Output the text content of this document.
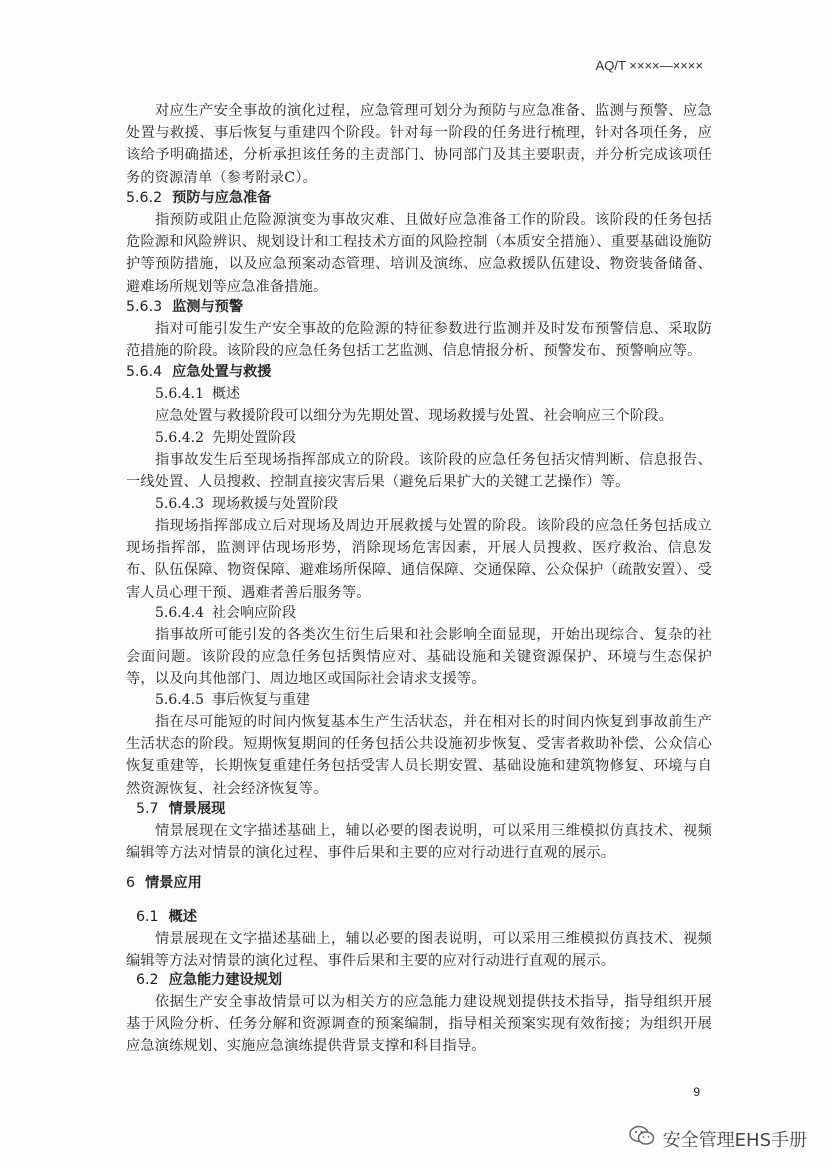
AQ/T ××××—××××

对应生产安全事故的演化过程，应急管理可划分为预防与应急准备、监测与预警、应急处置与救援、事后恢复与重建四个阶段。针对每一阶段的任务进行梳理，针对各项任务，应该给予明确描述，分析承担该任务的主责部门、协同部门及其主要职责，并分析完成该项任务的资源清单（参考附录C）。

5.6.2 预防与应急准备

指预防或阻止危险源演变为事故灾难、且做好应急准备工作的阶段。该阶段的任务包括危险源和风险辨识、规划设计和工程技术方面的风险控制（本质安全措施）、重要基础设施防护等预防措施，以及应急预案动态管理、培训及演练、应急救援队伍建设、物资装备储备、避难场所规划等应急准备措施。

5.6.3 监测与预警

指对可能引发生产安全事故的危险源的特征参数进行监测并及时发布预警信息、采取防范措施的阶段。该阶段的应急任务包括工艺监测、信息情报分析、预警发布、预警响应等。

5.6.4 应急处置与救援
5.6.4.1 概述

应急处置与救援阶段可以细分为先期处置、现场救援与处置、社会响应三个阶段。

5.6.4.2 先期处置阶段

指事故发生后至现场指挥部成立的阶段。该阶段的应急任务包括灾情判断、信息报告、一线处置、人员搜救、控制直接灾害后果（避免后果扩大的关键工艺操作）等。

5.6.4.3 现场救援与处置阶段

指现场指挥部成立后对现场及周边开展救援与处置的阶段。该阶段的应急任务包括成立现场指挥部，监测评估现场形势，消除现场危害因素，开展人员搜救、医疗救治、信息发布、队伍保障、物资保障、避难场所保障、通信保障、交通保障、公众保护（疏散安置）、受害人员心理干预、遇难者善后服务等。

5.6.4.4 社会响应阶段

指事故所可能引发的各类次生衍生后果和社会影响全面显现，开始出现综合、复杂的社会面问题。该阶段的应急任务包括舆情应对、基础设施和关键资源保护、环境与生态保护等，以及向其他部门、周边地区或国际社会请求支援等。

5.6.4.5 事后恢复与重建

指在尽可能短的时间内恢复基本生产生活状态，并在相对长的时间内恢复到事故前生产生活状态的阶段。短期恢复期间的任务包括公共设施初步恢复、受害者救助补偿、公众信心恢复重建等，长期恢复重建任务包括受害人员长期安置、基础设施和建筑物修复、环境与自然资源恢复、社会经济恢复等。

5.7 情景展现

情景展现在文字描述基础上，辅以必要的图表说明，可以采用三维模拟仿真技术、视频编辑等方法对情景的演化过程、事件后果和主要的应对行动进行直观的展示。

6 情景应用
6.1 概述

情景展现在文字描述基础上，辅以必要的图表说明，可以采用三维模拟仿真技术、视频编辑等方法对情景的演化过程、事件后果和主要的应对行动进行直观的展示。

6.2 应急能力建设规划

依据生产安全事故情景可以为相关方的应急能力建设规划提供技术指导，指导组织开展基于风险分析、任务分解和资源调查的预案编制，指导相关预案实现有效衔接；为组织开展应急演练规划、实施应急演练提供背景支撑和科目指导。

9
安全管理EHS手册
